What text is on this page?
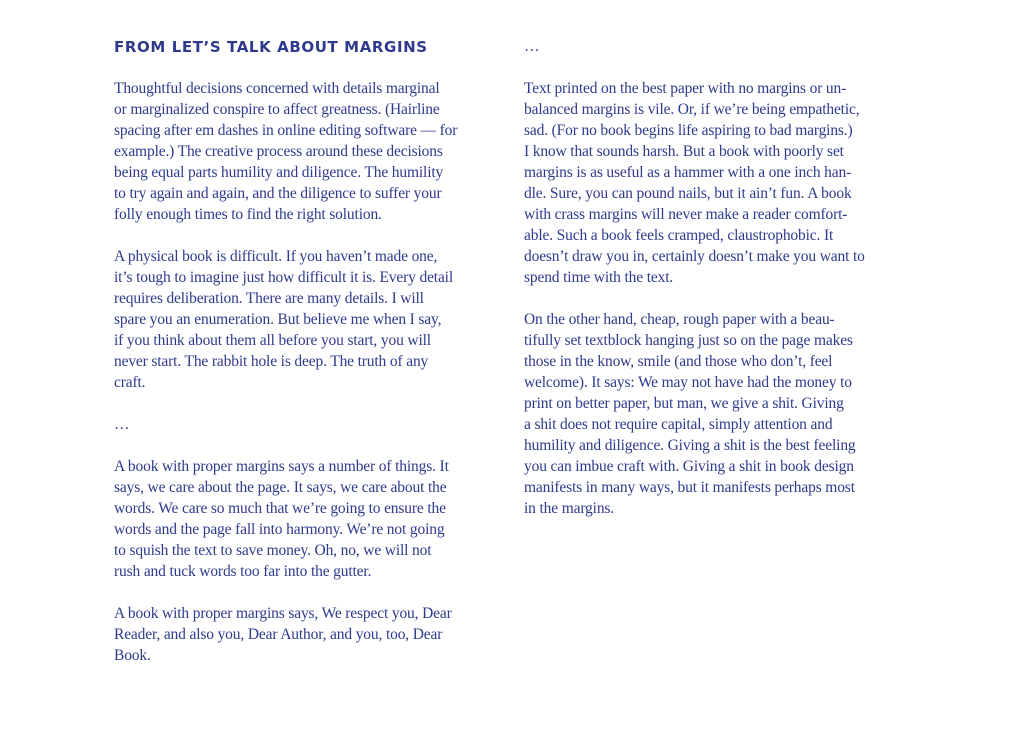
FROM LET’S TALK ABOUT MARGINS

Thoughtful decisions concerned with details marginal
or marginalized conspire to affect greatness. (Hairline
spacing after em dashes in online editing software — for
example.) The creative process around these decisions
being equal parts humility and diligence. The humility
to try again and again, and the diligence to suffer your
folly enough times to find the right solution.

A physical book is difficult. If you haven’t made one,
it’s tough to imagine just how difficult it is. Every detail
requires deliberation. There are many details. I will
spare you an enumeration. But believe me when I say,
if you think about them all before you start, you will
never start. The rabbit hole is deep. The truth of any
craft.

…

A book with proper margins says a number of things. It
says, we care about the page. It says, we care about the
words. We care so much that we’re going to ensure the
words and the page fall into harmony. We’re not going
to squish the text to save money. Oh, no, we will not
rush and tuck words too far into the gutter.

A book with proper margins says, We respect you, Dear
Reader, and also you, Dear Author, and you, too, Dear
Book.

…

Text printed on the best paper with no margins or un-
balanced margins is vile. Or, if we’re being empathetic,
sad. (For no book begins life aspiring to bad margins.)
I know that sounds harsh. But a book with poorly set
margins is as useful as a hammer with a one inch han-
dle. Sure, you can pound nails, but it ain’t fun. A book
with crass margins will never make a reader comfort-
able. Such a book feels cramped, claustrophobic. It
doesn’t draw you in, certainly doesn’t make you want to
spend time with the text.

On the other hand, cheap, rough paper with a beau-
tifully set textblock hanging just so on the page makes
those in the know, smile (and those who don’t, feel
welcome). It says: We may not have had the money to
print on better paper, but man, we give a shit. Giving
a shit does not require capital, simply attention and
humility and diligence. Giving a shit is the best feeling
you can imbue craft with. Giving a shit in book design
manifests in many ways, but it manifests perhaps most
in the margins.
